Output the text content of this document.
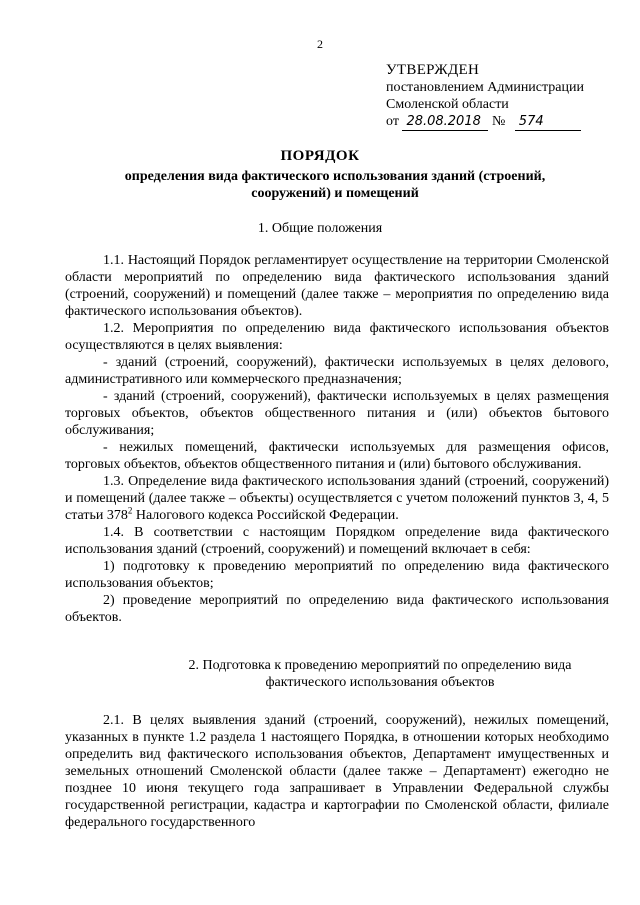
2
УТВЕРЖДЕН
постановлением Администрации
Смоленской области
от 28.08.2018 № 574
ПОРЯДОК
определения вида фактического использования зданий (строений, сооружений) и помещений
1. Общие положения

1.1. Настоящий Порядок регламентирует осуществление на территории Смоленской области мероприятий по определению вида фактического использования зданий (строений, сооружений) и помещений (далее также – мероприятия по определению вида фактического использования объектов).

1.2. Мероприятия по определению вида фактического использования объектов осуществляются в целях выявления:

- зданий (строений, сооружений), фактически используемых в целях делового, административного или коммерческого предназначения;

- зданий (строений, сооружений), фактически используемых в целях размещения торговых объектов, объектов общественного питания и (или) объектов бытового обслуживания;

- нежилых помещений, фактически используемых для размещения офисов, торговых объектов, объектов общественного питания и (или) бытового обслуживания.

1.3. Определение вида фактического использования зданий (строений, сооружений) и помещений (далее также – объекты) осуществляется с учетом положений пунктов 3, 4, 5 статьи $378^2$ Налогового кодекса Российской Федерации.

1.4. В соответствии с настоящим Порядком определение вида фактического использования зданий (строений, сооружений) и помещений включает в себя:

1) подготовку к проведению мероприятий по определению вида фактического использования объектов;

2) проведение мероприятий по определению вида фактического использования объектов.

2. Подготовка к проведению мероприятий по определению вида
фактического использования объектов

2.1. В целях выявления зданий (строений, сооружений), нежилых помещений, указанных в пункте 1.2 раздела 1 настоящего Порядка, в отношении которых необходимо определить вид фактического использования объектов, Департамент имущественных и земельных отношений Смоленской области (далее также – Департамент) ежегодно не позднее 10 июня текущего года запрашивает в Управлении Федеральной службы государственной регистрации, кадастра и картографии по Смоленской области, филиале федерального государственного
